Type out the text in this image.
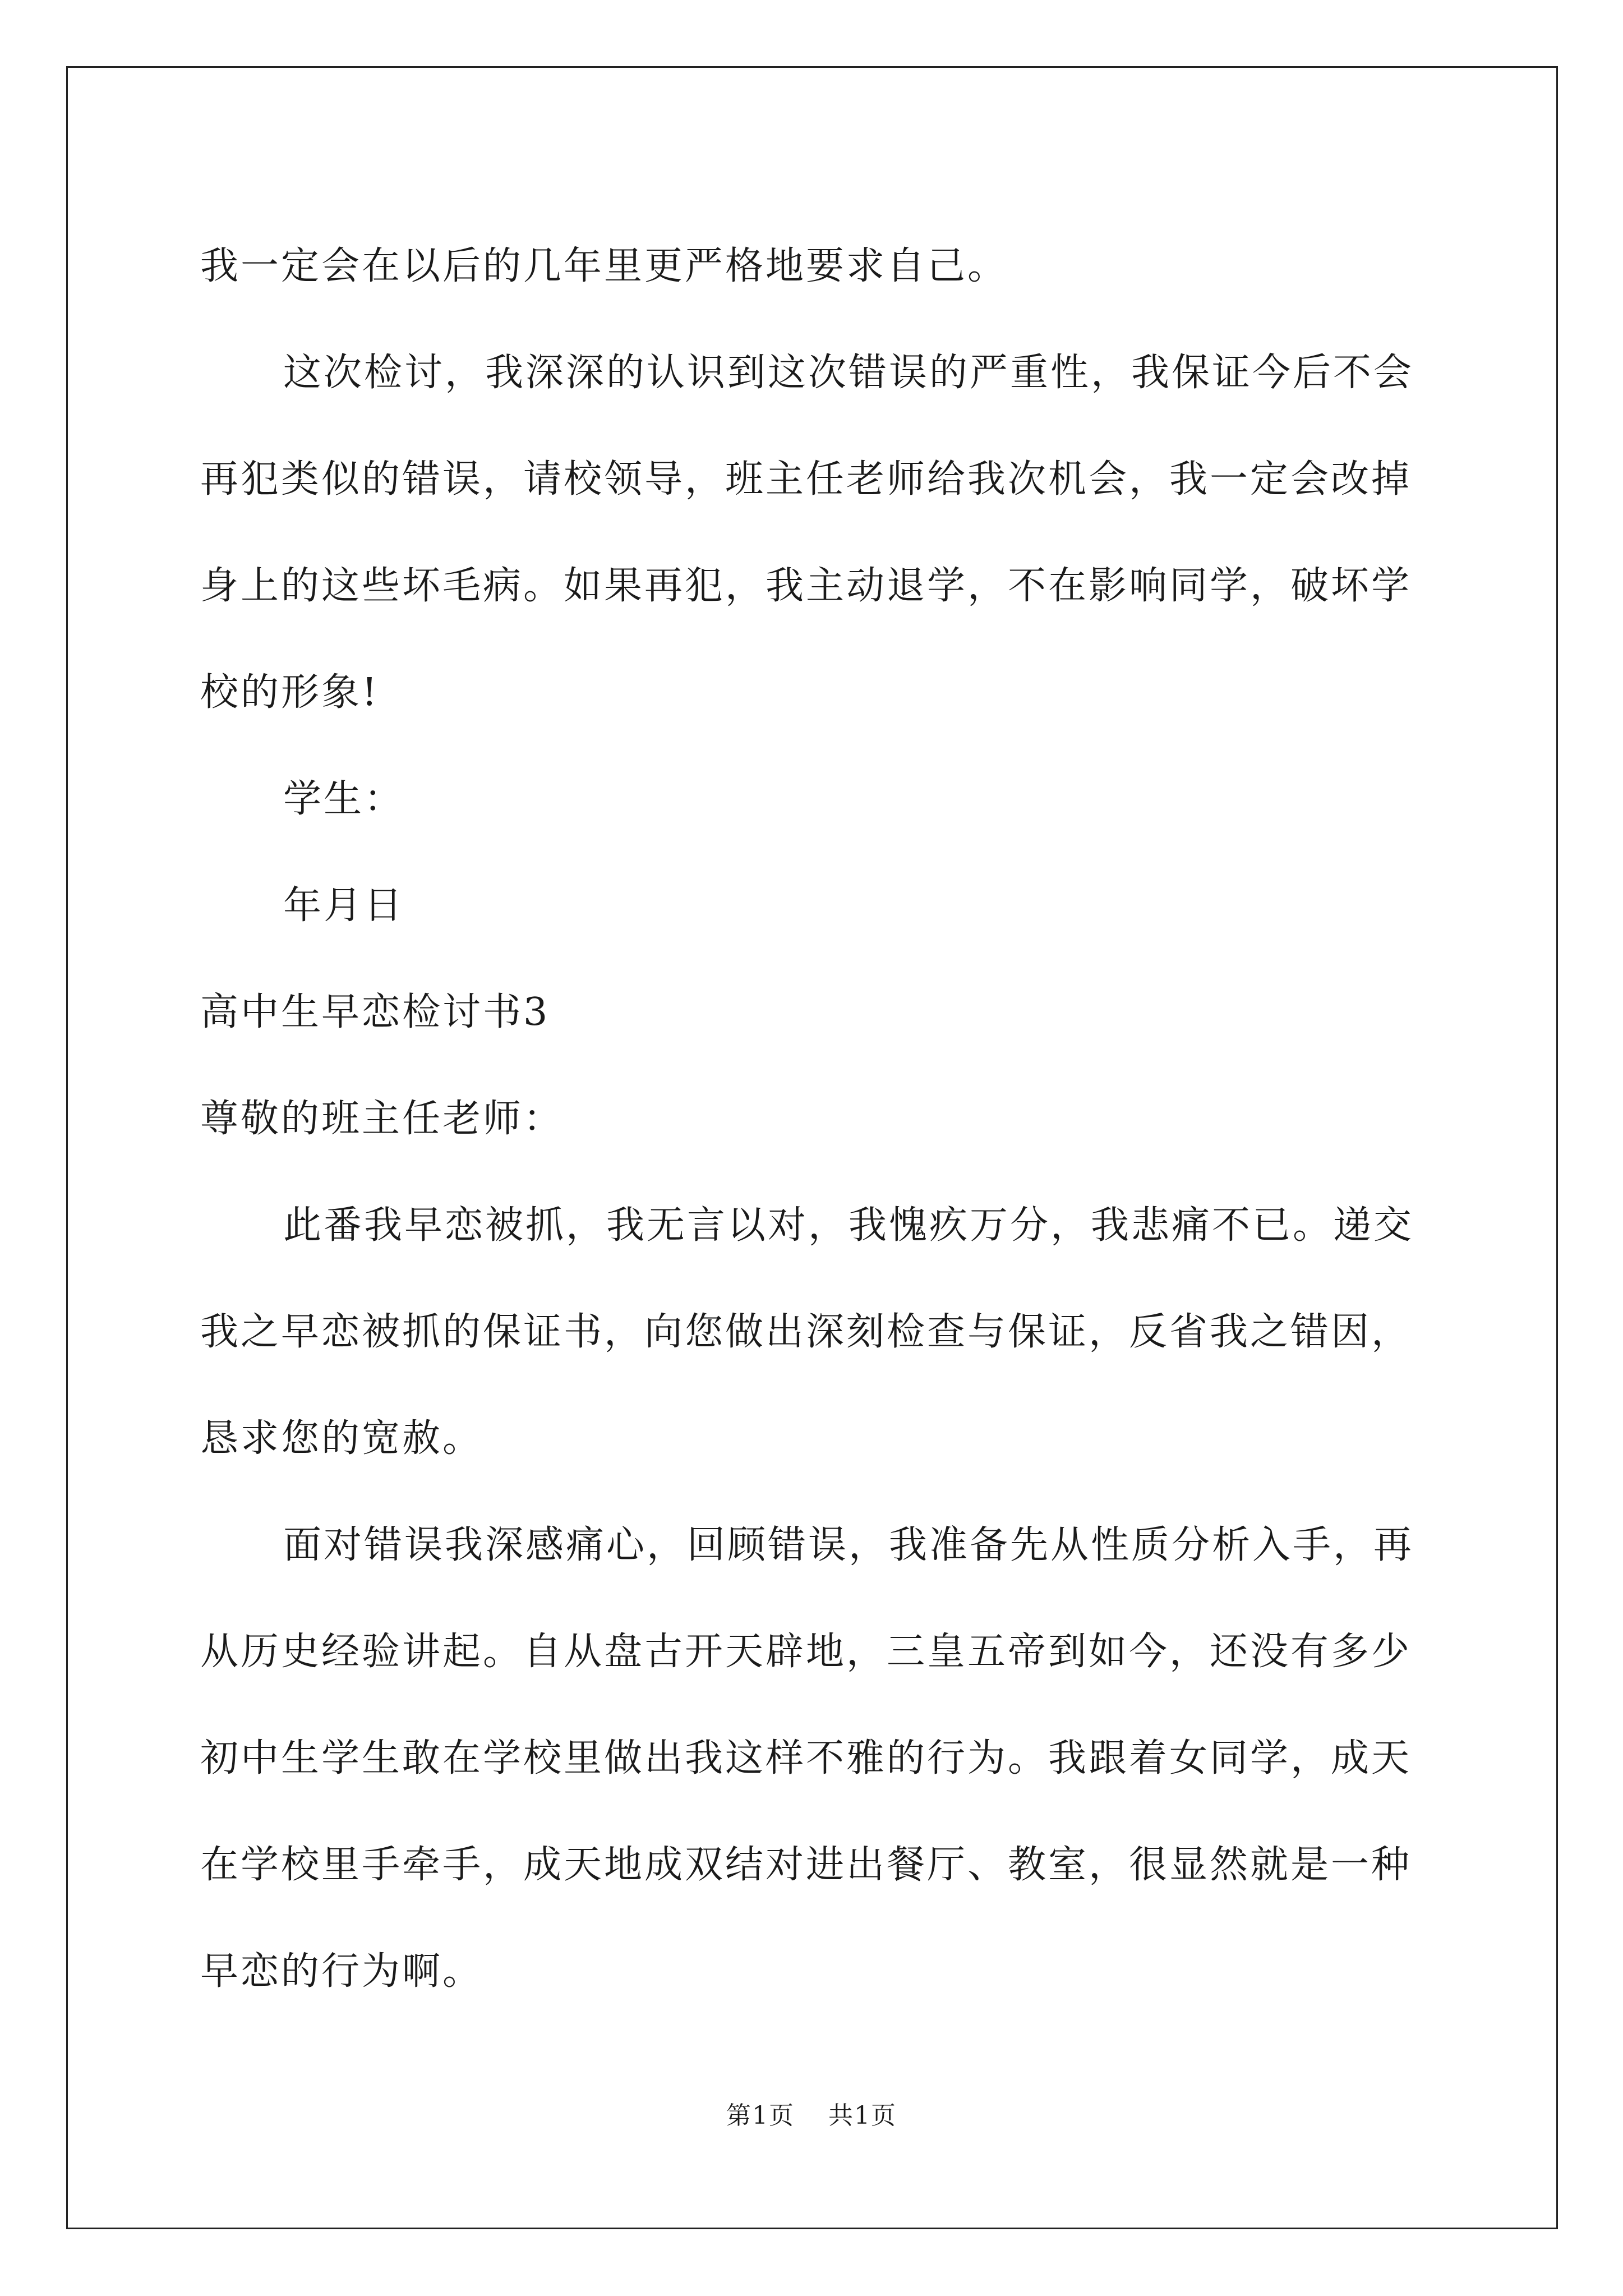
我一定会在以后的几年里更严格地要求自己。
这次检讨，我深深的认识到这次错误的严重性，我保证今后不会
再犯类似的错误，请校领导，班主任老师给我次机会，我一定会改掉
身上的这些坏毛病。如果再犯，我主动退学，不在影响同学，破坏学
校的形象!
学生：
年月日
高中生早恋检讨书3
尊敬的班主任老师：
此番我早恋被抓，我无言以对，我愧疚万分，我悲痛不已。递交
我之早恋被抓的保证书，向您做出深刻检查与保证，反省我之错因，
恳求您的宽赦。
面对错误我深感痛心，回顾错误，我准备先从性质分析入手，再
从历史经验讲起。自从盘古开天辟地，三皇五帝到如今，还没有多少
初中生学生敢在学校里做出我这样不雅的行为。我跟着女同学，成天
在学校里手牵手，成天地成双结对进出餐厅、教室，很显然就是一种
早恋的行为啊。
第1页 共1页
